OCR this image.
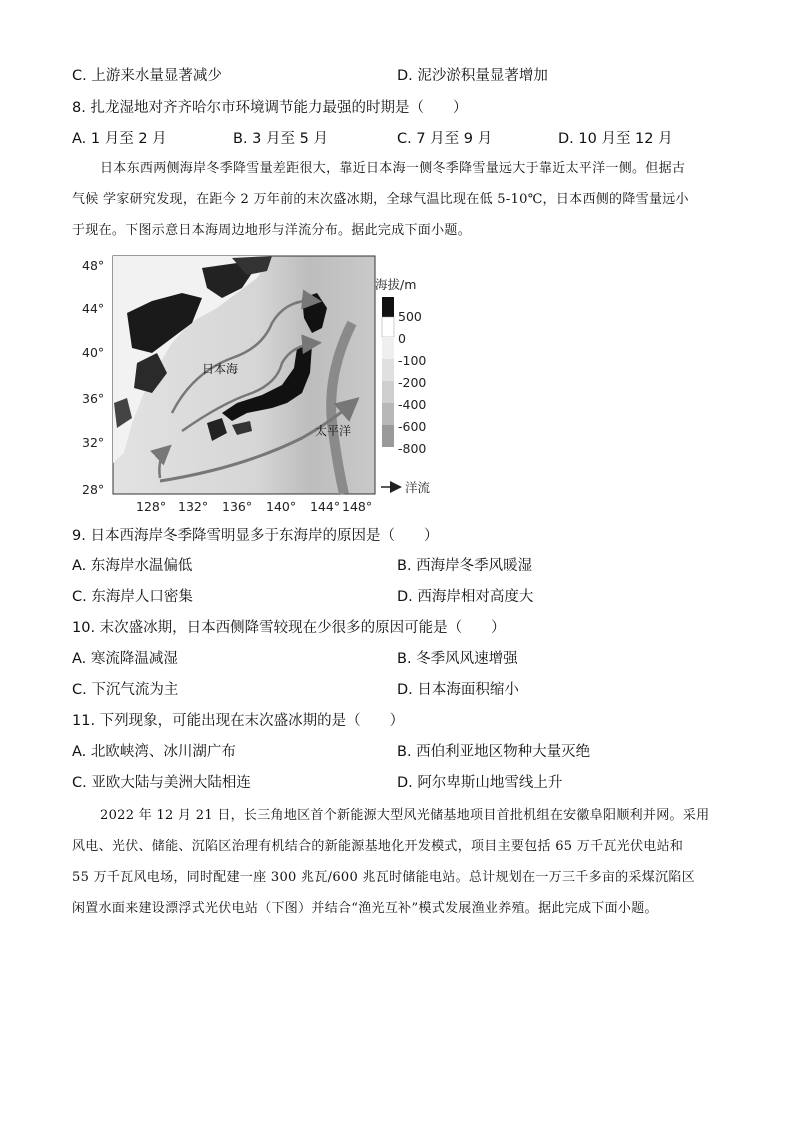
C. 上游来水量显著减少	D. 泥沙淤积量显著增加
8. 扎龙湿地对齐齐哈尔市环境调节能力最强的时期是（　　）
A. 1 月至 2 月	B. 3 月至 5 月	C. 7 月至 9 月	D. 10 月至 12 月
日本东西两侧海岸冬季降雪量差距很大，靠近日本海一侧冬季降雪量远大于靠近太平洋一侧。但据古
气候 学家研究发现，在距今 2 万年前的末次盛冰期，全球气温比现在低 5-10℃，日本西侧的降雪量远小
于现在。下图示意日本海周边地形与洋流分布。据此完成下面小题。
日本海
太平洋
48°
44°
40°
36°
32°
28°
128° 132° 136° 140° 144° 148°
海拔/m
500
0
-100
-200
-400
-600
-800
洋流
9. 日本西海岸冬季降雪明显多于东海岸的原因是（　　）
A. 东海岸水温偏低	B. 西海岸冬季风暖湿
C. 东海岸人口密集	D. 西海岸相对高度大
10. 末次盛冰期，日本西侧降雪较现在少很多的原因可能是（　　）
A. 寒流降温减湿	B. 冬季风风速增强
C. 下沉气流为主	D. 日本海面积缩小
11. 下列现象，可能出现在末次盛冰期的是（　　）
A. 北欧峡湾、冰川湖广布	B. 西伯利亚地区物种大量灭绝
C. 亚欧大陆与美洲大陆相连	D. 阿尔卑斯山地雪线上升
2022 年 12 月 21 日，长三角地区首个新能源大型风光储基地项目首批机组在安徽阜阳顺利并网。采用
风电、光伏、储能、沉陷区治理有机结合的新能源基地化开发模式，项目主要包括 65 万千瓦光伏电站和
55 万千瓦风电场，同时配建一座 300 兆瓦/600 兆瓦时储能电站。总计规划在一万三千多亩的采煤沉陷区
闲置水面来建设漂浮式光伏电站（下图）并结合“渔光互补”模式发展渔业养殖。据此完成下面小题。
